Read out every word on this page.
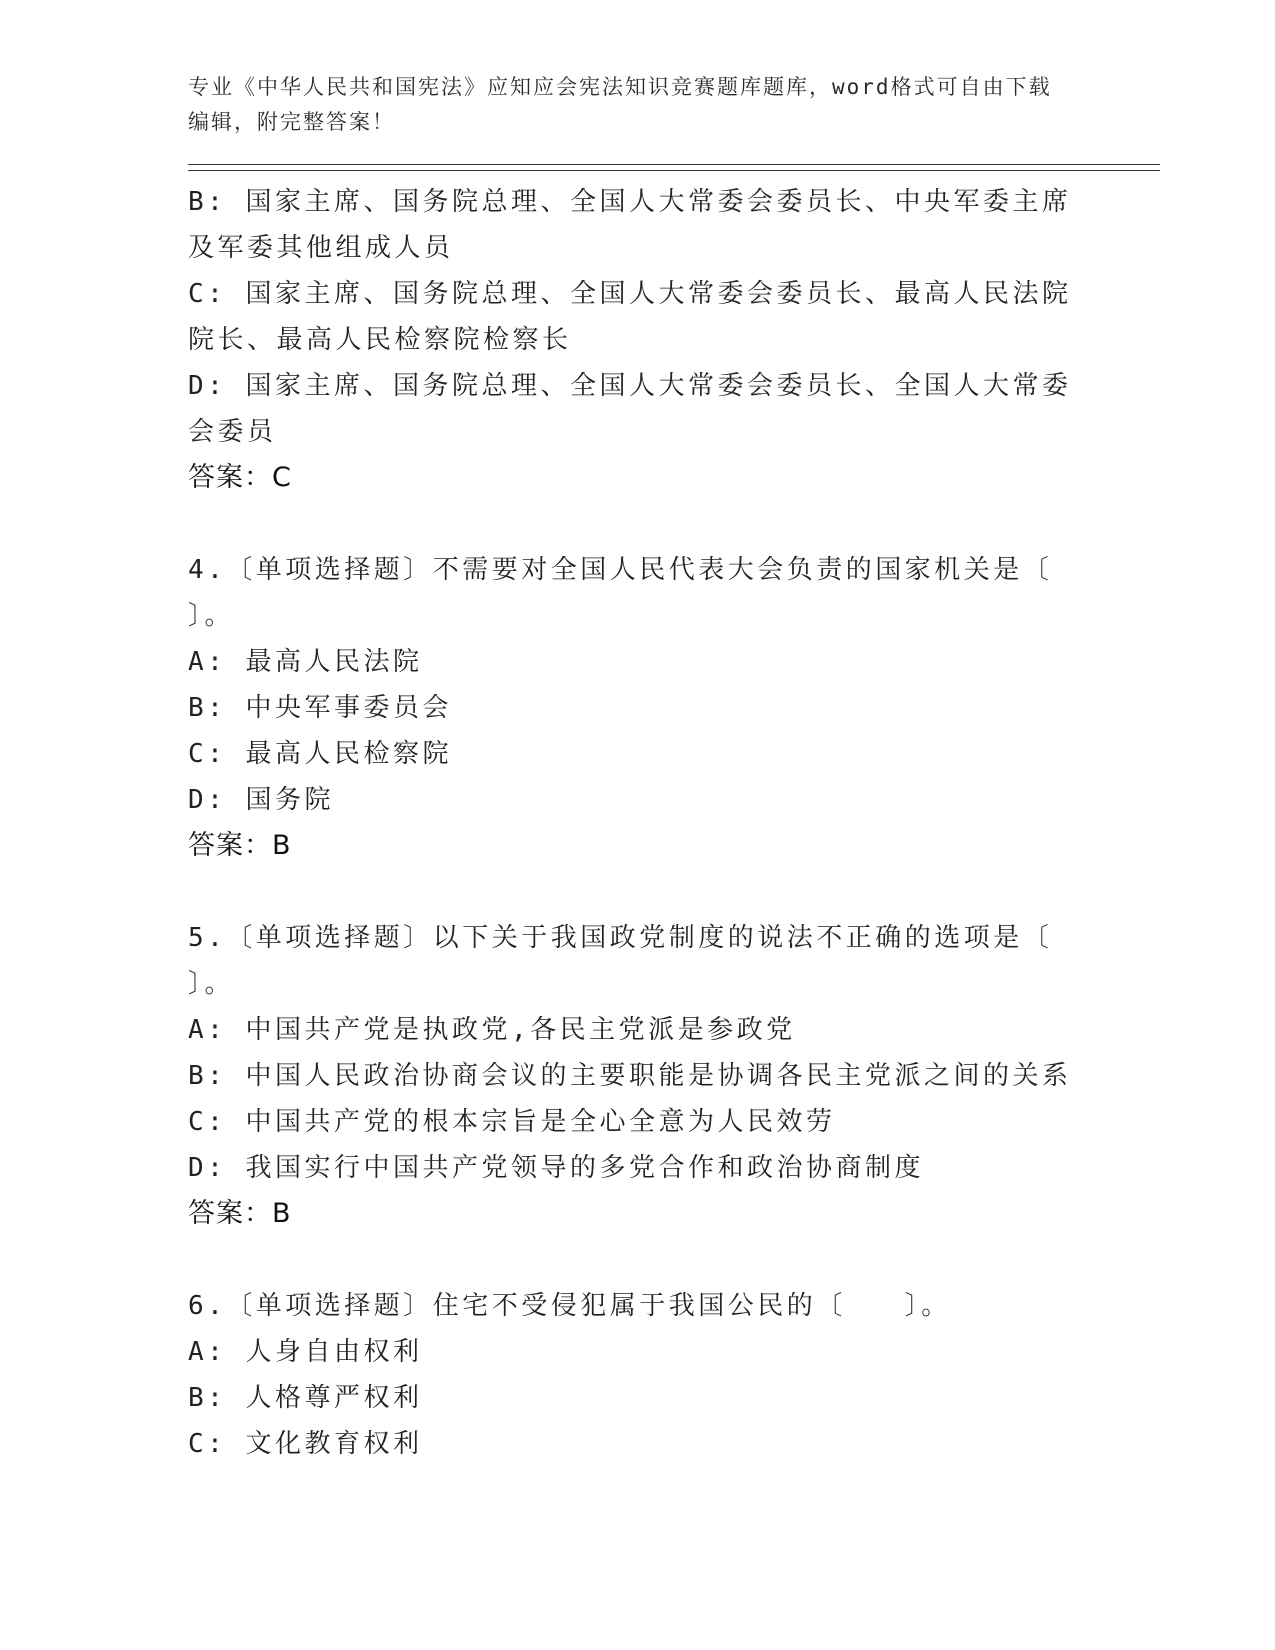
专业《中华人民共和国宪法》应知应会宪法知识竞赛题库题库，word格式可自由下载编辑，附完整答案！
B: 国家主席、国务院总理、全国人大常委会委员长、中央军委主席及军委其他组成人员
C: 国家主席、国务院总理、全国人大常委会委员长、最高人民法院院长、最高人民检察院检察长
D: 国家主席、国务院总理、全国人大常委会委员长、全国人大常委会委员
答案：C
4.〔单项选择题〕不需要对全国人民代表大会负责的国家机关是〔 〕。
A: 最高人民法院
B: 中央军事委员会
C: 最高人民检察院
D: 国务院
答案：B
5.〔单项选择题〕以下关于我国政党制度的说法不正确的选项是〔 〕。
A: 中国共产党是执政党,各民主党派是参政党
B: 中国人民政治协商会议的主要职能是协调各民主党派之间的关系
C: 中国共产党的根本宗旨是全心全意为人民效劳
D: 我国实行中国共产党领导的多党合作和政治协商制度
答案：B
6.〔单项选择题〕住宅不受侵犯属于我国公民的〔　　〕。
A: 人身自由权利
B: 人格尊严权利
C: 文化教育权利
